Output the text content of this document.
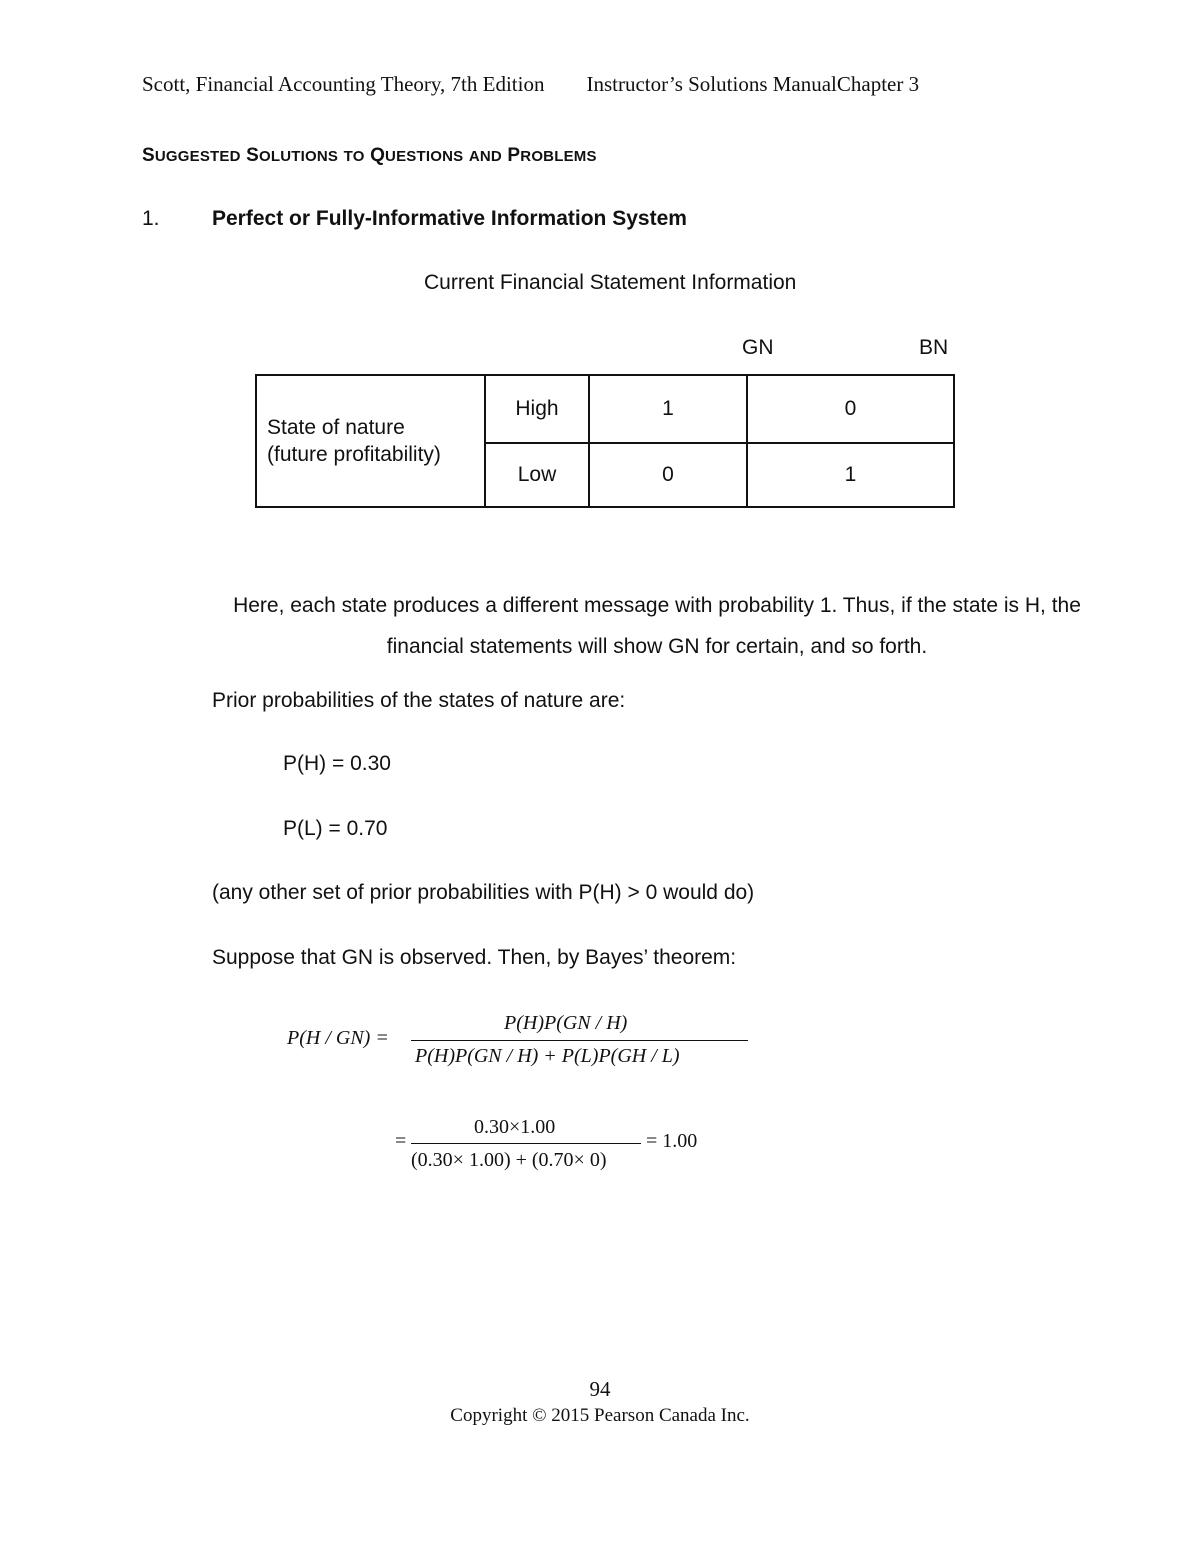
Scott, Financial Accounting Theory, 7th Edition Instructor’s Solutions ManualChapter 3
SUGGESTED SOLUTIONS TO QUESTIONS AND PROBLEMS
1. Perfect or Fully-Informative Information System
Current Financial Statement Information
GN	BN
State of nature
(future profitability)	High	1	0
	Low	0	1
Here, each state produces a different message with probability 1. Thus, if the state is H, the financial statements will show GN for certain, and so forth.
Prior probabilities of the states of nature are:
P(H) = 0.30
P(L) = 0.70
(any other set of prior probabilities with P(H) > 0 would do)
Suppose that GN is observed. Then, by Bayes’ theorem:
P(H / GN) =
P(H)P(GN / H)
P(H)P(GN / H) + P(L)P(GH / L)
=
0.30×1.00
(0.30× 1.00) + (0.70× 0)
= 1.00
94
Copyright © 2015 Pearson Canada Inc.
